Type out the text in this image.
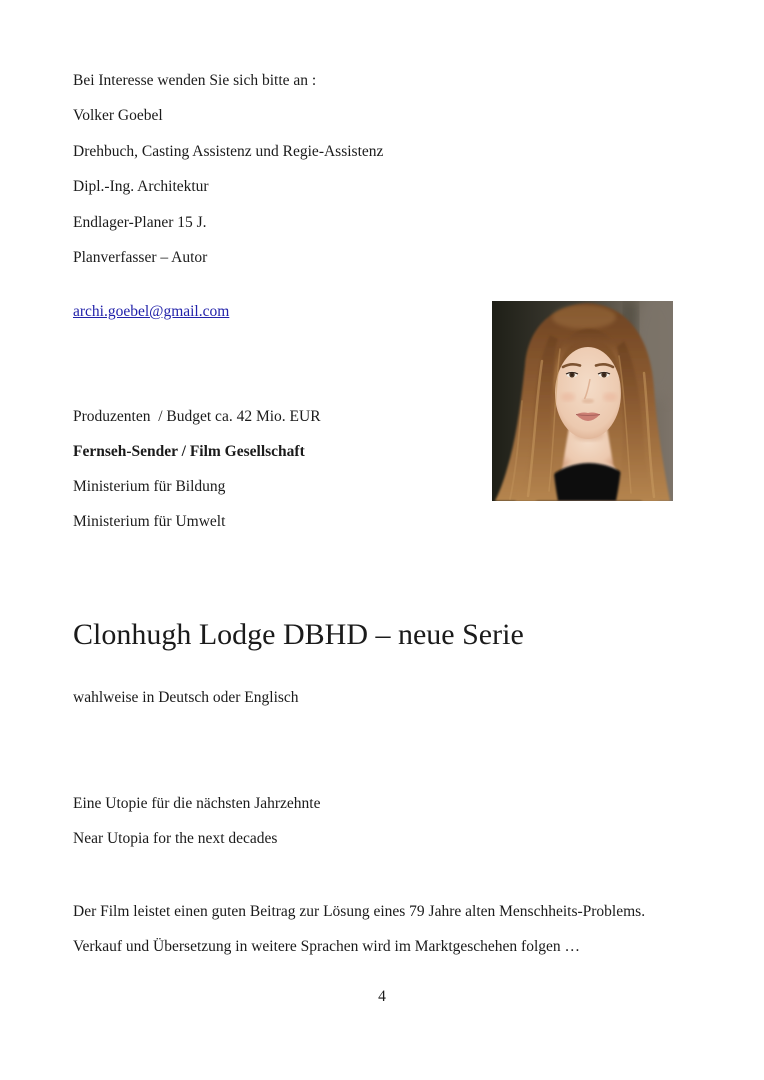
Bei Interesse wenden Sie sich bitte an :
Volker Goebel
Drehbuch, Casting Assistenz und Regie-Assistenz
Dipl.-Ing. Architektur
Endlager-Planer 15 J.
Planverfasser – Autor
archi.goebel@gmail.com
Produzenten  / Budget ca. 42 Mio. EUR
Fernseh-Sender / Film Gesellschaft
Ministerium für Bildung
Ministerium für Umwelt
Clonhugh Lodge DBHD – neue Serie
wahlweise in Deutsch oder Englisch
Eine Utopie für die nächsten Jahrzehnte
Near Utopia for the next decades
Der Film leistet einen guten Beitrag zur Lösung eines 79 Jahre alten Menschheits-Problems.
Verkauf und Übersetzung in weitere Sprachen wird im Marktgeschehen folgen …
4
